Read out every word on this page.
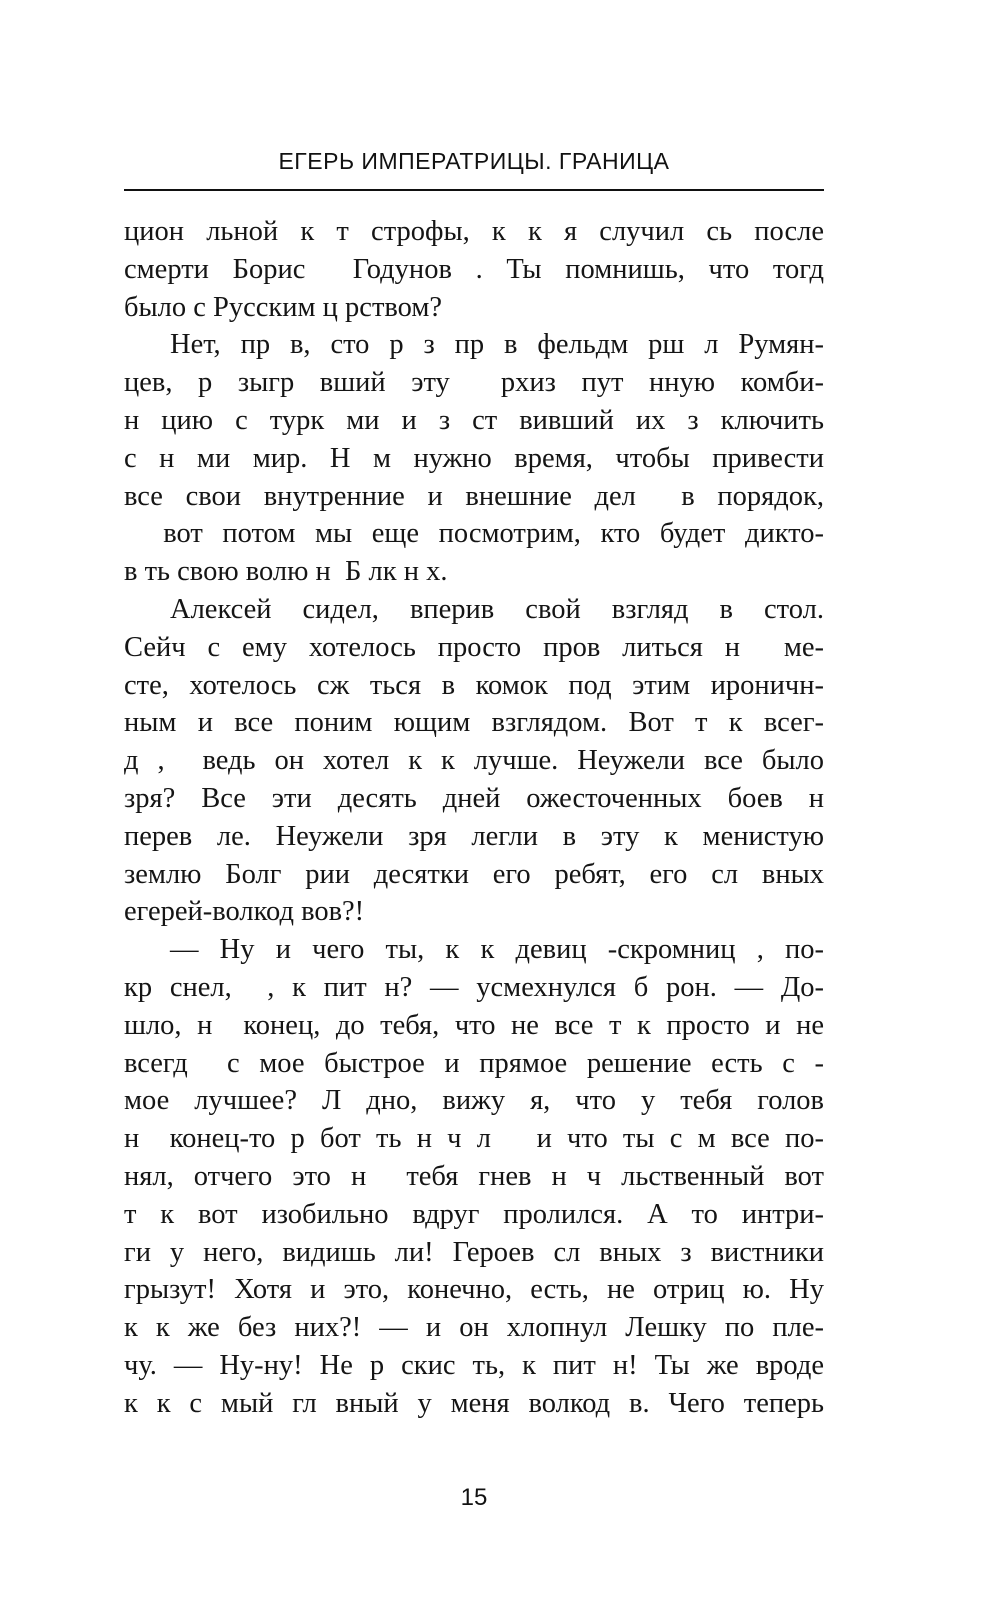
ЕГЕРЬ ИМПЕРАТРИЦЫ. ГРАНИЦА
цион льной к т строфы, к к я случил сь после
смерти Борис  Годунов . Ты помнишь, что тогд
было с Русским ц рством?
Нет, пр в, сто р з пр в фельдм рш л Румян-
цев, р зыгр вший эту  рхиз пут нную комби-
н цию с турк ми и з ст вивший их з ключить
с н ми мир. Н м нужно время, чтобы привести
все свои внутренние и внешние дел  в порядок,
вот потом мы еще посмотрим, кто будет дикто-
в ть свою волю н  Б лк н х.
Алексей сидел, вперив свой взгляд в стол.
Сейч с ему хотелось просто пров литься н  ме-
сте, хотелось сж ться в комок под этим ироничн-
ным и все поним ющим взглядом. Вот т к всег-
д ,  ведь он хотел к к лучше. Неужели все было
зря? Все эти десять дней ожесточенных боев н
перев ле. Неужели зря легли в эту к менистую
землю Болг рии десятки его ребят, его сл вных
егерей-волкод вов?!
— Ну и чего ты, к к девиц -скромниц , по-
кр снел,  , к пит н? — усмехнулся б рон. — До-
шло, н  конец, до тебя, что не все т к просто и не
всегд  с мое быстрое и прямое решение есть с -
мое лучшее? Л дно, вижу я, что у тебя голов
н  конец-то р бот ть н ч л   и что ты с м все по-
нял, отчего это н  тебя гнев н ч льственный вот
т к вот изобильно вдруг пролился. А то интри-
ги у него, видишь ли! Героев сл вных з вистники
грызут! Хотя и это, конечно, есть, не отриц ю. Ну
к к же без них?! — и он хлопнул Лешку по пле-
чу. — Ну-ну! Не р скис ть, к пит н! Ты же вроде
к к с мый гл вный у меня волкод в. Чего теперь
15
